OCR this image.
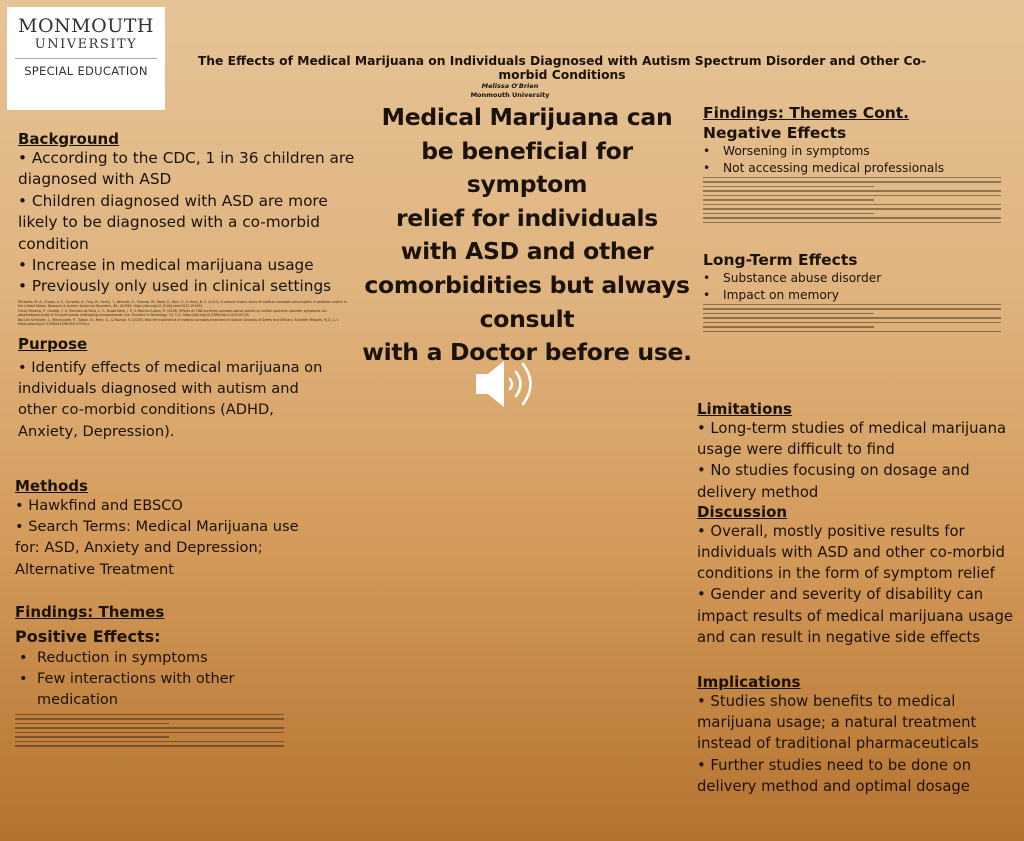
MONMOUTH
UNIVERSITY
SPECIAL EDUCATION
The Effects of Medical Marijuana on Individuals Diagnosed with Autism Spectrum Disorder and Other Co-morbid Conditions
Melissa O'Brien
Monmouth University
Medical Marijuana can
be beneficial for symptom
relief for individuals
with ASD and other
comorbidities but always
consult
with a Doctor before use.
Background
• According to the CDC, 1 in 36 children are diagnosed with ASD
• Children diagnosed with ASD are more likely to be diagnosed with a co-morbid condition
• Increase in medical marijuana usage
• Previously only used in clinical settings
DiLiberto, M. A., Zuppa, A. F., Cornetta, A., Feig, W., Scully, T., Bennett, A., Thomas, M., Ward, E., Barr, S., & Yerys, B. E. (2022). A natural history study of medical cannabis consumption in pediatric autism in the United States. Research in Autism Spectrum Disorders, 96, 101994. https://doi.org/10.1016/j.rasd.2022.101994
Fleury-Teixeira, P., Caixeta, F. V., Ramires da Silva, L. C., Brasil-Neto, J. P., & Malcher-Lopes, R. (2019). Effects of CBD-enriched cannabis sativa extract on autism spectrum disorder symptoms: An observational study of 18 participants undergoing compassionate use. Frontiers in Neurology, 10, 1–9. https://doi.org/10.3389/fneur.2019.01145
Bar-Lev Schleider, L., Mechoulam, R., Saban, N., Meiri, G., & Novack, V. (2019). Real life experience of medical cannabis treatment in autism: Analysis of Safety and Efficacy. Scientific Reports, 9(1), 1–7. https://doi.org/10.1038/s41598-018-37570-y
Purpose
• Identify effects of medical marijuana on individuals diagnosed with autism and other co-morbid conditions (ADHD, Anxiety, Depression).
Methods
• Hawkfind and EBSCO
• Search Terms: Medical Marijuana use for: ASD, Anxiety and Depression; Alternative Treatment
Findings: Themes
Positive Effects:
• Reduction in symptoms
• Few interactions with other medication
Findings: Themes Cont.
Negative Effects
•	Worsening in symptoms
•	Not accessing medical professionals
Long-Term Effects
•	Substance abuse disorder
•	Impact on memory
Limitations
• Long-term studies of medical marijuana usage were difficult to find
• No studies focusing on dosage and delivery method
Discussion
• Overall, mostly positive results for individuals with ASD and other co-morbid conditions in the form of symptom relief
• Gender and severity of disability can impact results of medical marijuana usage and can result in negative side effects
Implications
• Studies show benefits to medical marijuana usage; a natural treatment instead of traditional pharmaceuticals
• Further studies need to be done on delivery method and optimal dosage
